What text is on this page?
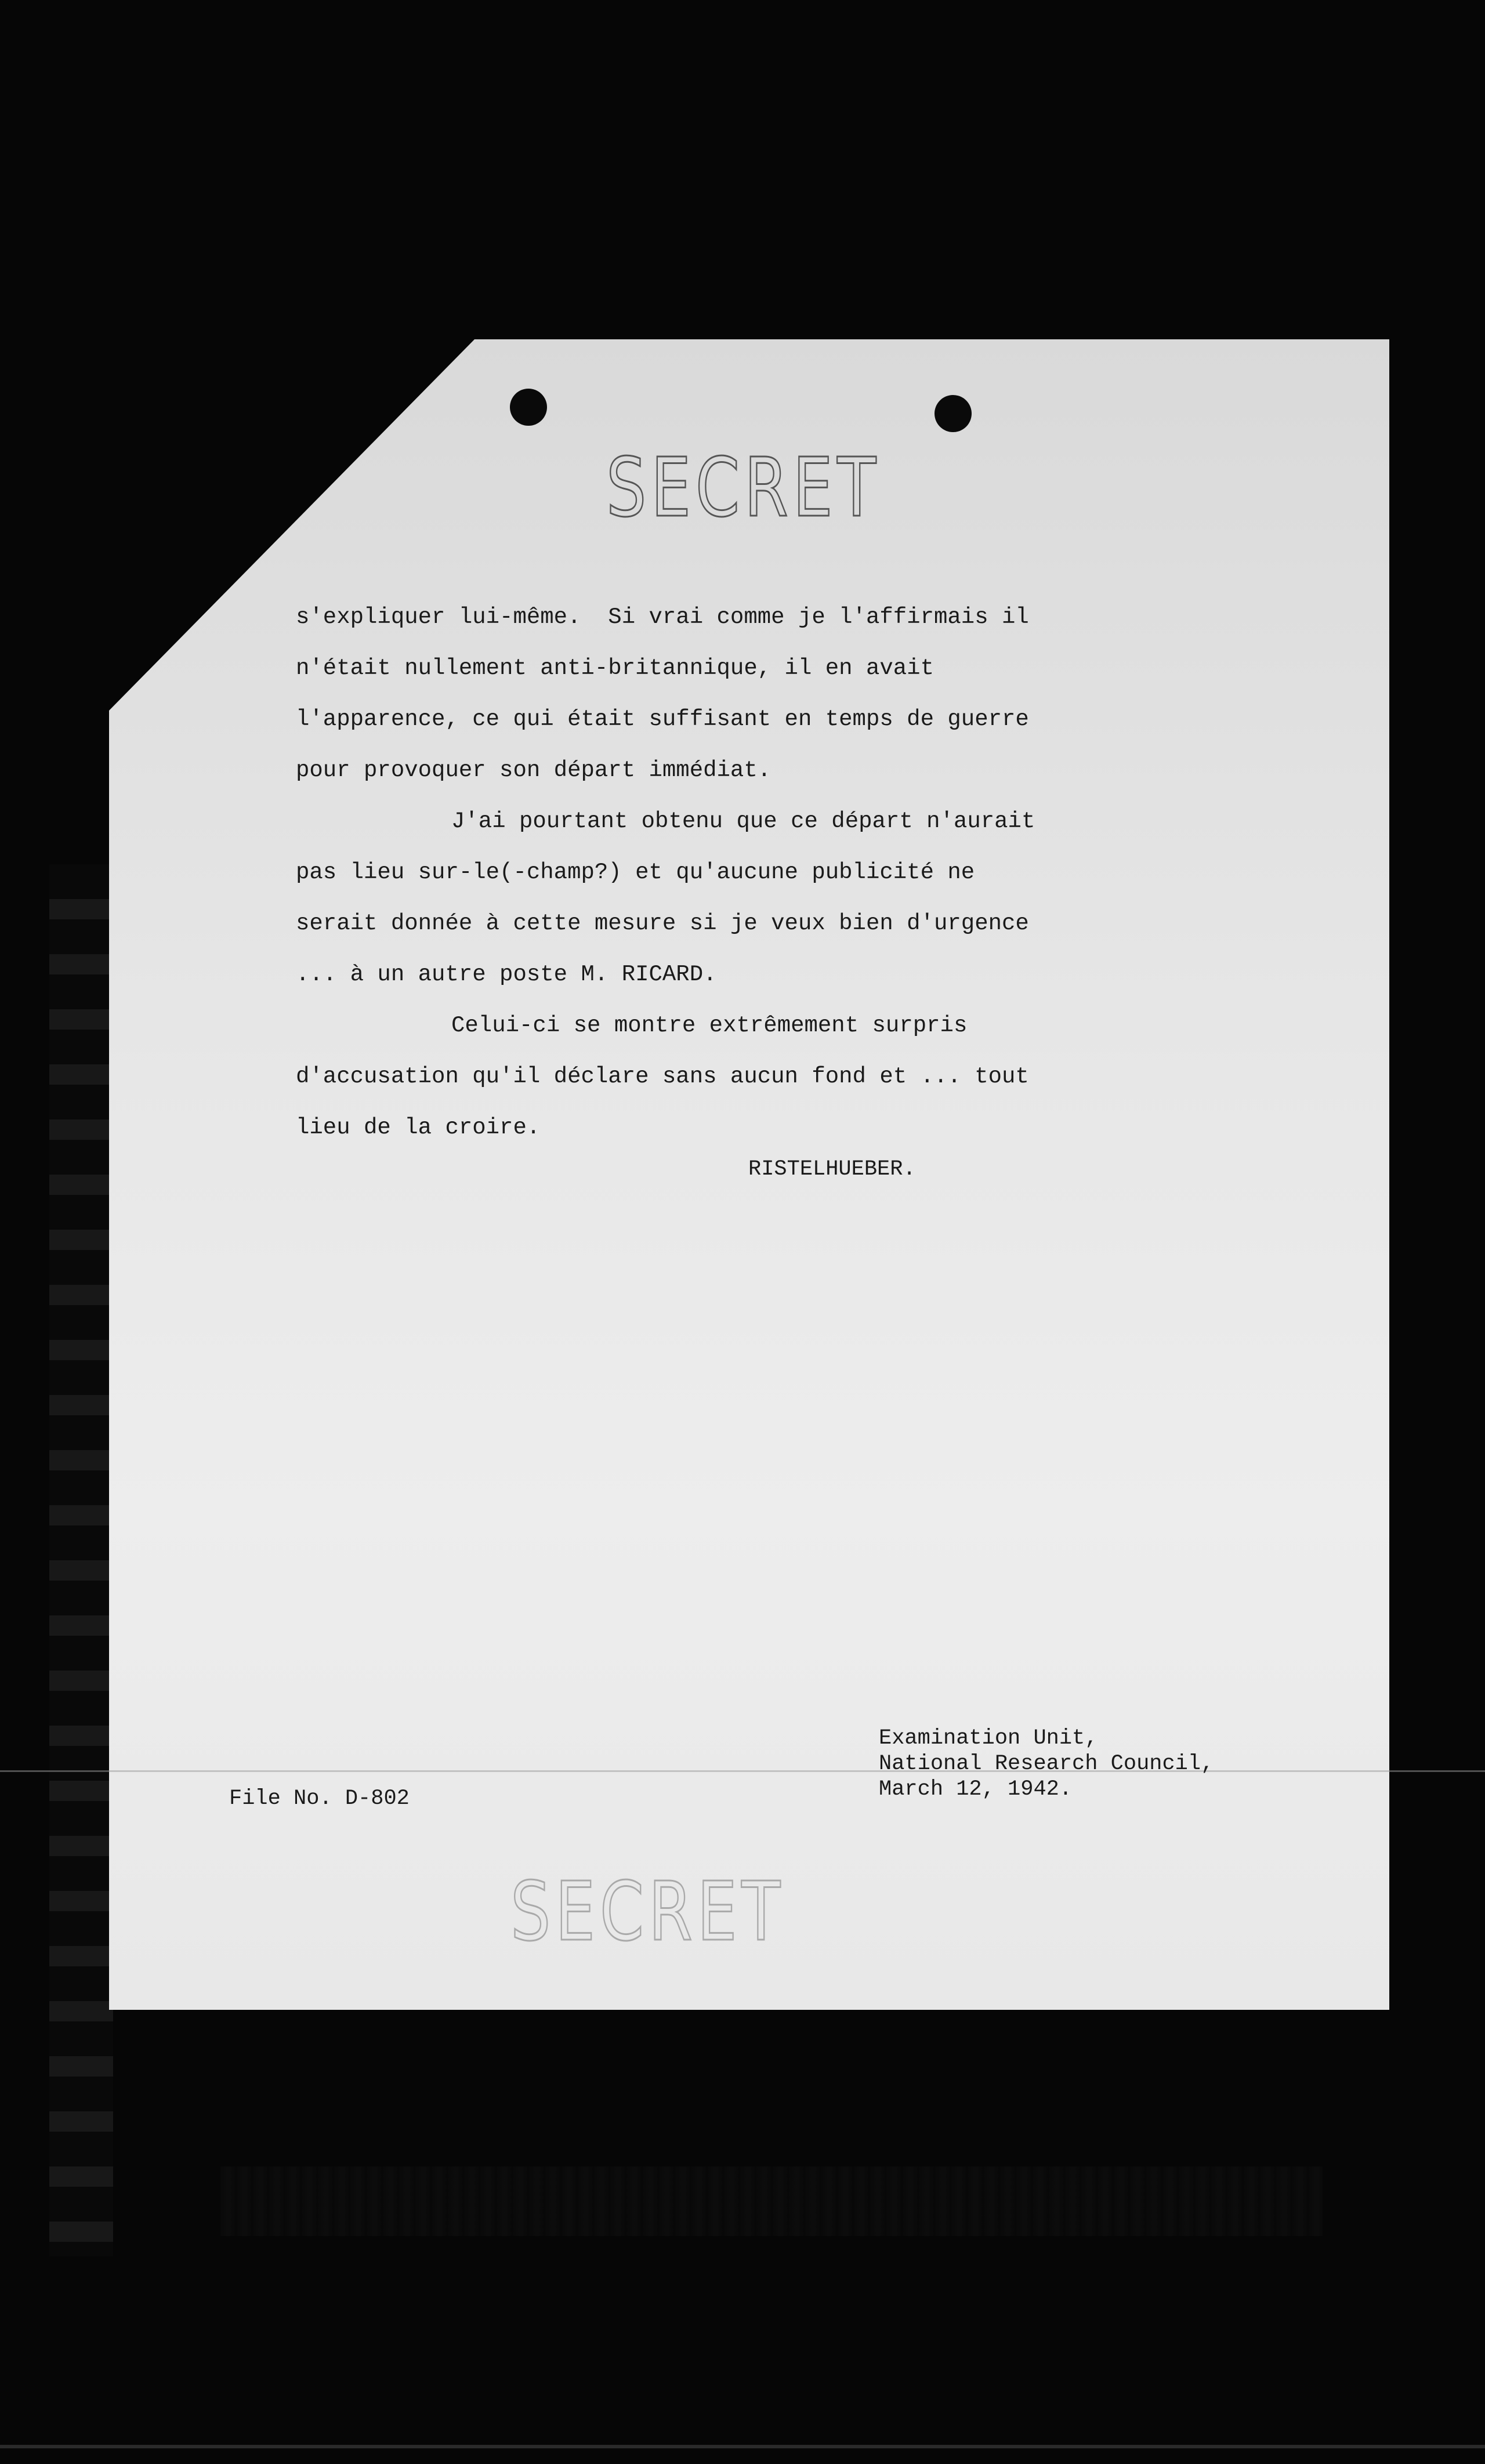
SECRET

s'expliquer lui-même.  Si vrai comme je l'affirmais il
n'était nullement anti-britannique, il en avait
l'apparence, ce qui était suffisant en temps de guerre
pour provoquer son départ immédiat.

J'ai pourtant obtenu que ce départ n'aurait
pas lieu sur-le(-champ?) et qu'aucune publicité ne
serait donnée à cette mesure si je veux bien d'urgence
... à un autre poste M. RICARD.

Celui-ci se montre extrêmement surpris
d'accusation qu'il déclare sans aucun fond et ... tout
lieu de la croire.

RISTELHUEBER.
Examination Unit,
National Research Council,
March 12, 1942.
File No. D-802
SECRET
